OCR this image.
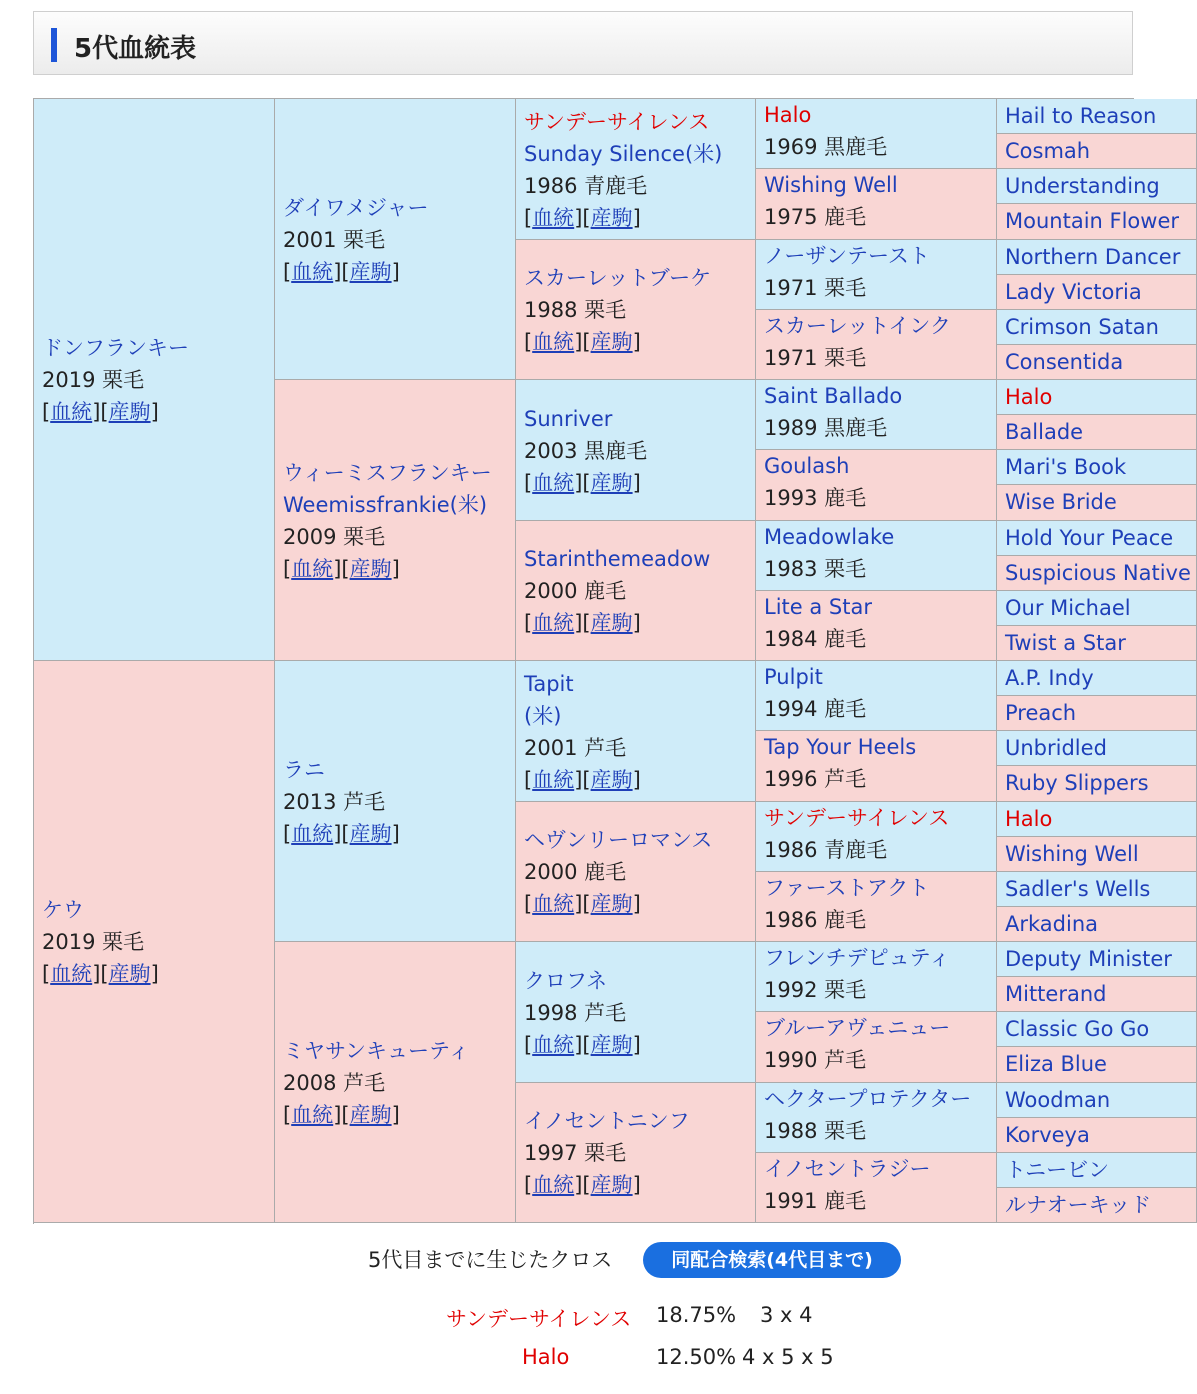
5代血統表
ドンフランキー
2019 栗毛
[血統][産駒]
ケウ
2019 栗毛
[血統][産駒]
ダイワメジャー
2001 栗毛
[血統][産駒]
ウィーミスフランキー
Weemissfrankie(米)
2009 栗毛
[血統][産駒]
ラニ
2013 芦毛
[血統][産駒]
ミヤサンキューティ
2008 芦毛
[血統][産駒]
サンデーサイレンス
Sunday Silence(米)
1986 青鹿毛
[血統][産駒]
スカーレットブーケ
1988 栗毛
[血統][産駒]
Sunriver
2003 黒鹿毛
[血統][産駒]
Starinthemeadow
2000 鹿毛
[血統][産駒]
Tapit
(米)
2001 芦毛
[血統][産駒]
ヘヴンリーロマンス
2000 鹿毛
[血統][産駒]
クロフネ
1998 芦毛
[血統][産駒]
イノセントニンフ
1997 栗毛
[血統][産駒]
Halo
1969 黒鹿毛
Wishing Well
1975 鹿毛
ノーザンテースト
1971 栗毛
スカーレットインク
1971 栗毛
Saint Ballado
1989 黒鹿毛
Goulash
1993 鹿毛
Meadowlake
1983 栗毛
Lite a Star
1984 鹿毛
Pulpit
1994 鹿毛
Tap Your Heels
1996 芦毛
サンデーサイレンス
1986 青鹿毛
ファーストアクト
1986 鹿毛
フレンチデピュティ
1992 栗毛
ブルーアヴェニュー
1990 芦毛
ヘクタープロテクター
1988 栗毛
イノセントラジー
1991 鹿毛
Hail to Reason
Cosmah
Understanding
Mountain Flower
Northern Dancer
Lady Victoria
Crimson Satan
Consentida
Halo
Ballade
Mari's Book
Wise Bride
Hold Your Peace
Suspicious Native
Our Michael
Twist a Star
A.P. Indy
Preach
Unbridled
Ruby Slippers
Halo
Wishing Well
Sadler's Wells
Arkadina
Deputy Minister
Mitterand
Classic Go Go
Eliza Blue
Woodman
Korveya
トニービン
ルナオーキッド
5代目までに生じたクロス	同配合検索(4代目まで)
サンデーサイレンス 18.75% 3 x 4
Halo	12.50% 4 x 5 x 5
